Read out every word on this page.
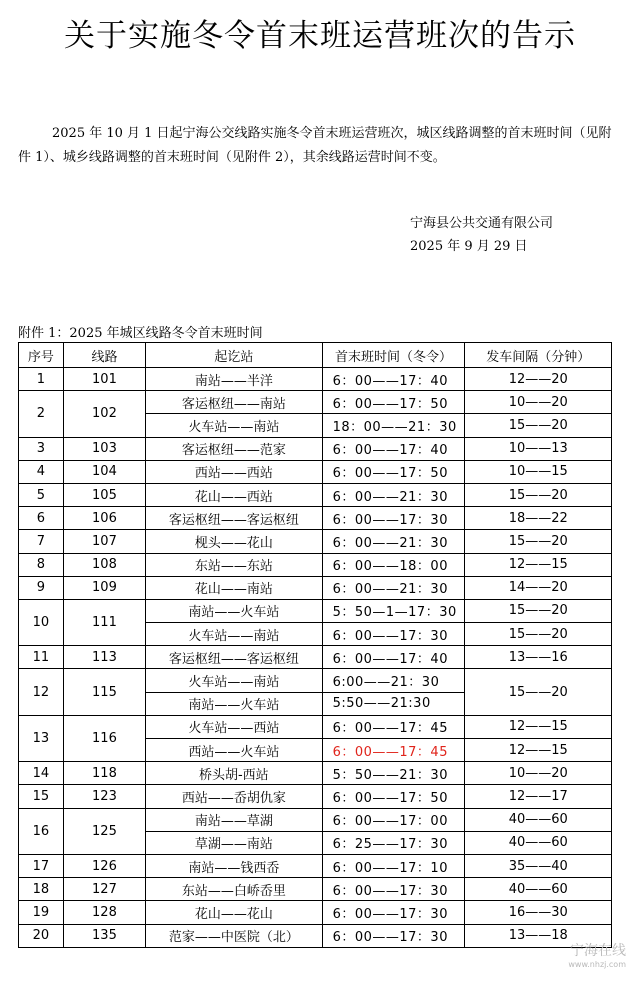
关于实施冬令首末班运营班次的告示
2025 年 10 月 1 日起宁海公交线路实施冬令首末班运营班次，城区线路调整的首末班时间（见附件 1）、城乡线路调整的首末班时间（见附件 2），其余线路运营时间不变。
宁海县公共交通有限公司
2025 年 9 月 29 日
附件 1：2025 年城区线路冬令首末班时间
序号	线路	起讫站	首末班时间（冬令）	发车间隔（分钟）
1	101	南站——半洋	6：00——17：40	12——20
2	102	客运枢纽——南站	6：00——17：50	10——20
		火车站——南站	18：00——21：30	15——20
3	103	客运枢纽——范家	6：00——17：40	10——13
4	104	西站——西站	6：00——17：50	10——15
5	105	花山——西站	6：00——21：30	15——20
6	106	客运枢纽——客运枢纽	6：00——17：30	18——22
7	107	枧头——花山	6：00——21：30	15——20
8	108	东站——东站	6：00——18：00	12——15
9	109	花山——南站	6：00——21：30	14——20
10	111	南站——火车站	5：50—1—17：30	15——20
		火车站——南站	6：00——17：30	15——20
11	113	客运枢纽——客运枢纽	6：00——17：40	13——16
12	115	火车站——南站	6:00——21：30	15——20
		南站——火车站	5:50——21:30	
13	116	火车站——西站	6：00——17：45	12——15
		西站——火车站	6：00——17：45	12——15
14	118	桥头胡-西站	5：50——21：30	10——20
15	123	西站——岙胡仇家	6：00——17：50	12——17
16	125	南站——草湖	6：00——17：00	40——60
		草湖——南站	6：25——17：30	40——60
17	126	南站——钱西岙	6：00——17：10	35——40
18	127	东站——白峤岙里	6：00——17：30	40——60
19	128	花山——花山	6：00——17：30	16——30
20	135	范家——中医院（北）	6：00——17：30	13——18
宁海在线
www.nhzj.com
